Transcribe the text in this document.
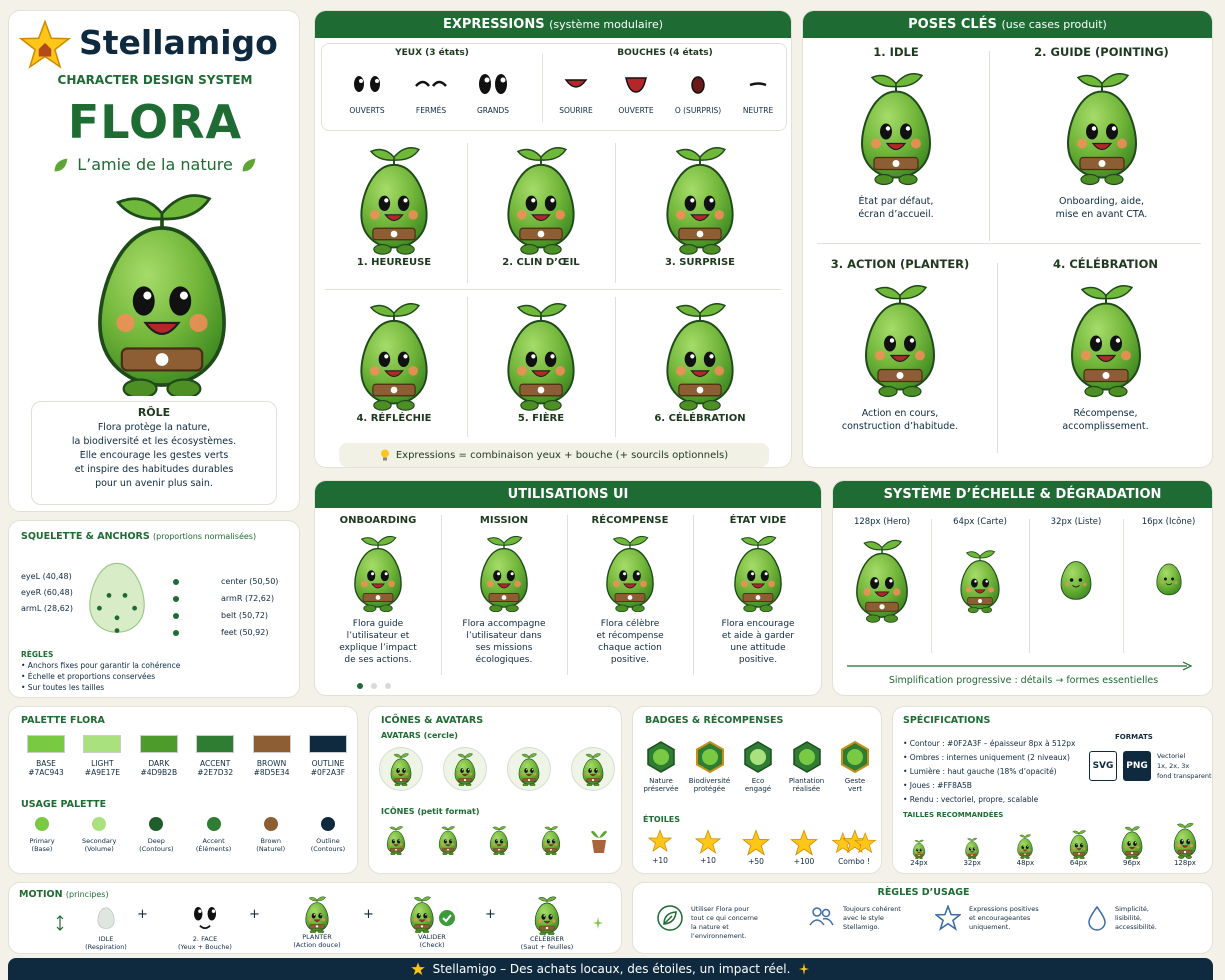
Stellamigo
CHARACTER DESIGN SYSTEM
FLORA
L’amie de la nature
RÔLE
Flora protège la nature,
la biodiversité et les écosystèmes.
Elle encourage les gestes verts
et inspire des habitudes durables
pour un avenir plus sain.
SQUELETTE & ANCHORS (proportions normalisées)
eyeL (40,48)
eyeR (60,48)
armL (28,62)
center (50,50)
armR (72,62)
belt (50,72)
feet (50,92)
RÈGLES
• Anchors fixes pour garantir la cohérence
• Échelle et proportions conservées
• Sur toutes les tailles
EXPRESSIONS (système modulaire)
YEUX (3 états)	BOUCHES (4 états)
OUVERTS	FERMÉS	GRANDS	SOURIRE	OUVERTE	O (SURPRIS)	NEUTRE
1. HEUREUSE	2. CLIN D’ŒIL	3. SURPRISE
4. RÉFLÉCHIE	5. FIÈRE	6. CÉLÉBRATION
Expressions = combinaison yeux + bouche (+ sourcils optionnels)
POSES CLÉS (use cases produit)
1. IDLE
État par défaut,
écran d’accueil.
2. GUIDE (POINTING)
Onboarding, aide,
mise en avant CTA.
3. ACTION (PLANTER)
Action en cours,
construction d’habitude.
4. CÉLÉBRATION
Récompense,
accomplissement.
UTILISATIONS UI
ONBOARDING
Flora guide
l’utilisateur et
explique l’impact
de ses actions.
MISSION
Flora accompagne
l’utilisateur dans
ses missions
écologiques.
RÉCOMPENSE
Flora célèbre
et récompense
chaque action
positive.
ÉTAT VIDE
Flora encourage
et aide à garder
une attitude
positive.
SYSTÈME D’ÉCHELLE & DÉGRADATION
128px (Hero)	64px (Carte)	32px (Liste)	16px (Icône)
Simplification progressive : détails → formes essentielles
PALETTE FLORA
BASE
#7AC943
LIGHT
#A9E17E
DARK
#4D9B2B
ACCENT
#2E7D32
BROWN
#8D5E34
OUTLINE
#0F2A3F
USAGE PALETTE
Primary
(Base)
Secondary
(Volume)
Deep
(Contours)
Accent
(Éléments)
Brown
(Naturel)
Outline
(Contours)
ICÔNES & AVATARS
AVATARS (cercle)
ICÔNES (petit format)
BADGES & RÉCOMPENSES
Nature
préservée
Biodiversité
protégée
Eco
engagé
Plantation
réalisée
Geste
vert
ÉTOILES
+10	+10	+50	+100	Combo !
SPÉCIFICATIONS
• Contour : #0F2A3F – épaisseur 8px à 512px
• Ombres : internes uniquement (2 niveaux)
• Lumière : haut gauche (18% d’opacité)
• Joues : #FF8A5B
• Rendu : vectoriel, propre, scalable
FORMATS
SVG	PNG
Vectoriel
1x, 2x, 3x
fond transparent
TAILLES RECOMMANDÉES
24px	32px	48px	64px	96px	128px
MOTION (principes)
IDLE
(Respiration)
+
2. FACE
(Yeux + Bouche)
+
PLANTER
(Action douce)
+
VALIDER
(Check)
+
CÉLÉBRER
(Saut + feuilles)
RÈGLES D’USAGE
Utiliser Flora pour
tout ce qui concerne
la nature et
l’environnement.
Toujours cohérent
avec le style
Stellamigo.
Expressions positives
et encourageantes
uniquement.
Simplicité,
lisibilité,
accessibilité.
Stellamigo – Des achats locaux, des étoiles, un impact réel.
